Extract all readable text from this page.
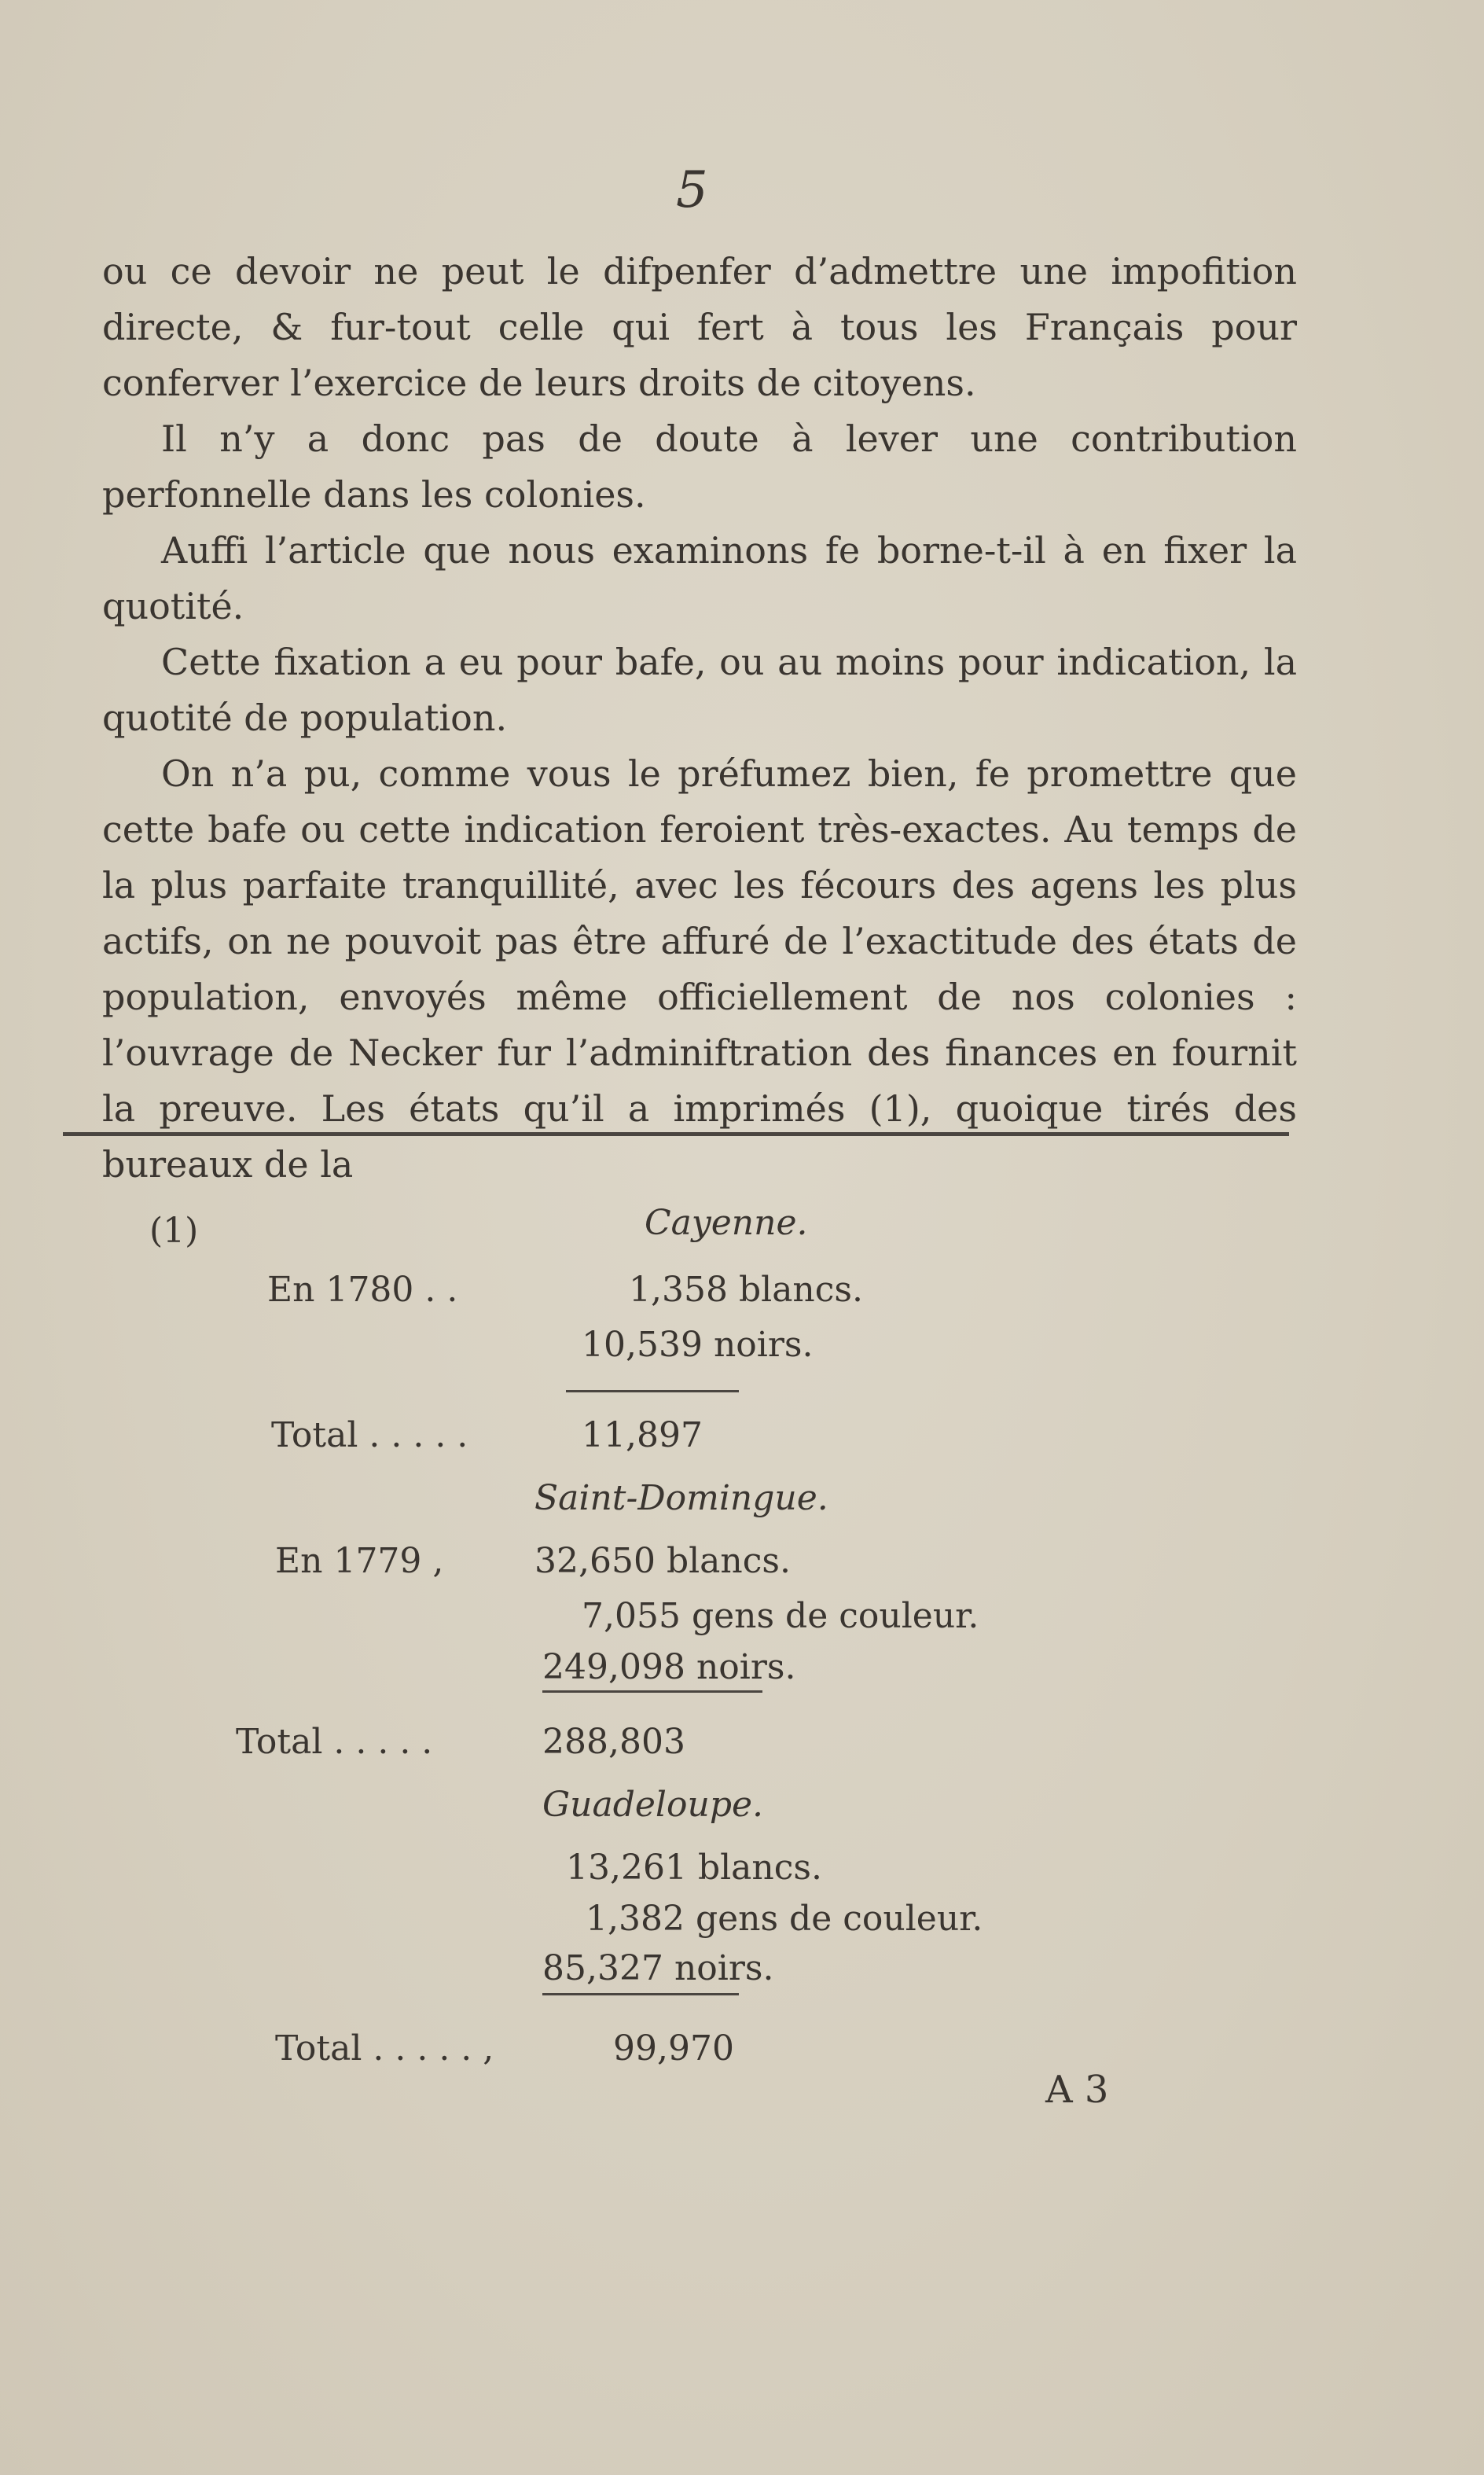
5

ou ce devoir ne peut le difpenfer d’admettre une impofition directe, & fur-tout celle qui fert à tous les Français pour conferver l’exercice de leurs droits de citoyens.

Il n’y a donc pas de doute à lever une contribution perfonnelle dans les colonies.

Auffi l’article que nous examinons fe borne-t-il à en fixer la quotité.

Cette fixation a eu pour bafe, ou au moins pour indication, la quotité de population.

On n’a pu, comme vous le préfumez bien, fe promettre que cette bafe ou cette indication feroient très-exactes. Au temps de la plus parfaite tranquillité, avec les fécours des agens les plus actifs, on ne pouvoit pas être affuré de l’exactitude des états de population, envoyés même officiellement de nos colonies : l’ouvrage de Necker fur l’adminiftration des finances en fournit la preuve. Les états qu’il a imprimés (1), quoique tirés des bureaux de la

(1)	Cayenne.
En 1780 . .	1,358 blancs.
10,539 noirs.
Total . . . . .	11,897
Saint-Domingue.
En 1779 ,	32,650 blancs.
7,055 gens de couleur.
249,098 noirs.
Total . . . . .	288,803
Guadeloupe.
13,261 blancs.
1,382 gens de couleur.
85,327 noirs.
Total . . . . . ,	99,970
A 3
